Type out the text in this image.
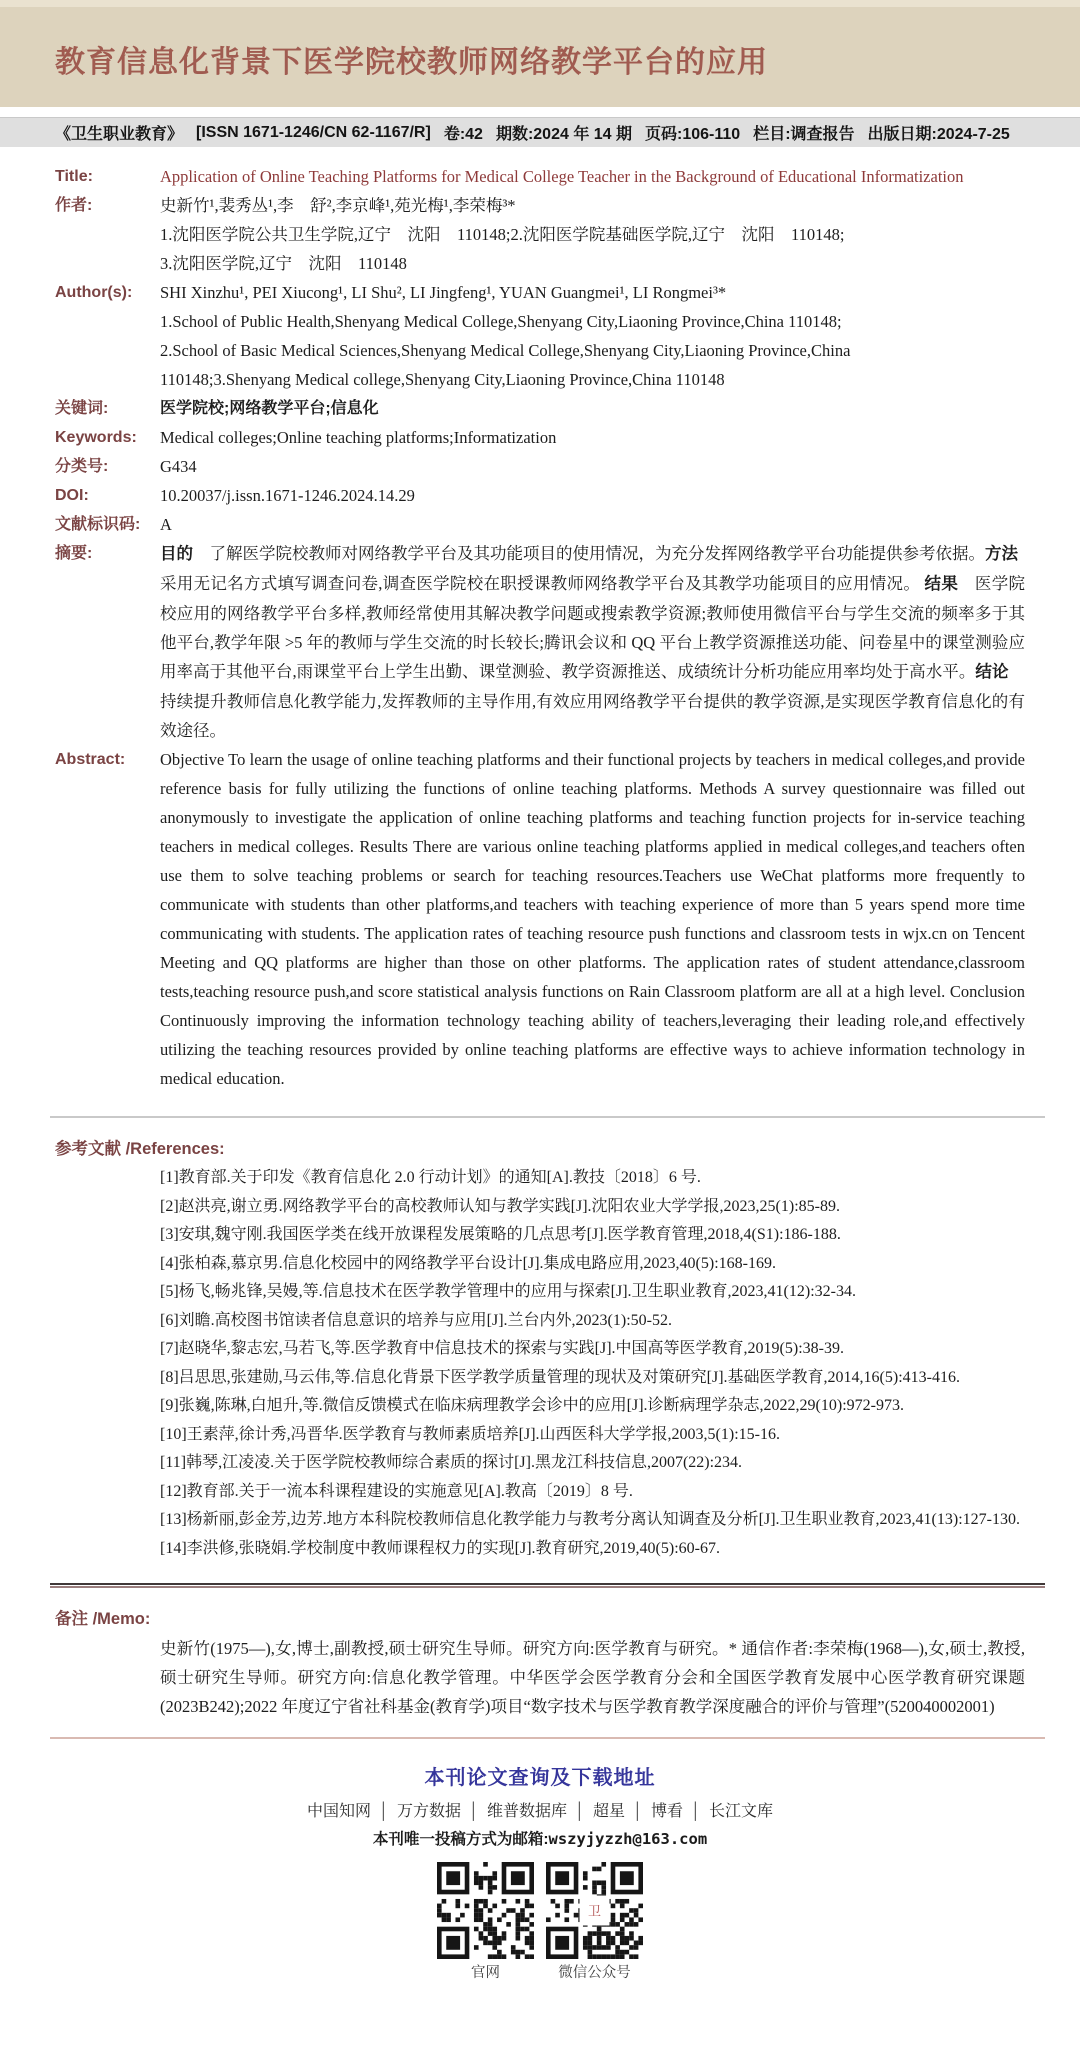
教育信息化背景下医学院校教师网络教学平台的应用
《卫生职业教育》 [ISSN 1671-1246/CN 62-1167/R] 卷:42 期数:2024 年 14 期 页码:106-110 栏目:调查报告 出版日期:2024-7-25
Title:	Application of Online Teaching Platforms for Medical College Teacher in the Background of Educational Informatization
作者:	史新竹¹,裴秀丛¹,李　舒²,李京峰¹,苑光梅¹,李荣梅³*
1.沈阳医学院公共卫生学院,辽宁　沈阳　110148;2.沈阳医学院基础医学院,辽宁　沈阳　110148;
3.沈阳医学院,辽宁　沈阳　110148
Author(s):	SHI Xinzhu¹, PEI Xiucong¹, LI Shu², LI Jingfeng¹, YUAN Guangmei¹, LI Rongmei³*
1.School of Public Health,Shenyang Medical College,Shenyang City,Liaoning Province,China 110148;
2.School of Basic Medical Sciences,Shenyang Medical College,Shenyang City,Liaoning Province,China
110148;3.Shenyang Medical college,Shenyang City,Liaoning Province,China 110148
关键词:	医学院校;网络教学平台;信息化
Keywords:	Medical colleges;Online teaching platforms;Informatization
分类号:	G434
DOI:	10.20037/j.issn.1671-1246.2024.14.29
文献标识码:	A
摘要:	目的　了解医学院校教师对网络教学平台及其功能项目的使用情况，为充分发挥网络教学平台功能提供参考依据。方法　采用无记名方式填写调查问卷,调查医学院校在职授课教师网络教学平台及其教学功能项目的应用情况。 结果　医学院校应用的网络教学平台多样,教师经常使用其解决教学问题或搜索教学资源;教师使用微信平台与学生交流的频率多于其他平台,教学年限 >5 年的教师与学生交流的时长较长;腾讯会议和 QQ 平台上教学资源推送功能、问卷星中的课堂测验应用率高于其他平台,雨课堂平台上学生出勤、课堂测验、教学资源推送、成绩统计分析功能应用率均处于高水平。结论　持续提升教师信息化教学能力,发挥教师的主导作用,有效应用网络教学平台提供的教学资源,是实现医学教育信息化的有效途径。
Abstract:	Objective To learn the usage of online teaching platforms and their functional projects by teachers in medical colleges,and provide reference basis for fully utilizing the functions of online teaching platforms. Methods A survey questionnaire was filled out anonymously to investigate the application of online teaching platforms and teaching function projects for in-service teaching teachers in medical colleges. Results There are various online teaching platforms applied in medical colleges,and teachers often use them to solve teaching problems or search for teaching resources.Teachers use WeChat platforms more frequently to communicate with students than other platforms,and teachers with teaching experience of more than 5 years spend more time communicating with students. The application rates of teaching resource push functions and classroom tests in wjx.cn on Tencent Meeting and QQ platforms are higher than those on other platforms. The application rates of student attendance,classroom tests,teaching resource push,and score statistical analysis functions on Rain Classroom platform are all at a high level. Conclusion Continuously improving the information technology teaching ability of teachers,leveraging their leading role,and effectively utilizing the teaching resources provided by online teaching platforms are effective ways to achieve information technology in medical education.
参考文献 /References:
[1]教育部.关于印发《教育信息化 2.0 行动计划》的通知[A].教技〔2018〕6 号.
[2]赵洪亮,谢立勇.网络教学平台的高校教师认知与教学实践[J].沈阳农业大学学报,2023,25(1):85-89.
[3]安琪,魏守刚.我国医学类在线开放课程发展策略的几点思考[J].医学教育管理,2018,4(S1):186-188.
[4]张柏森,慕京男.信息化校园中的网络教学平台设计[J].集成电路应用,2023,40(5):168-169.
[5]杨飞,畅兆锋,吴嫚,等.信息技术在医学教学管理中的应用与探索[J].卫生职业教育,2023,41(12):32-34.
[6]刘瞻.高校图书馆读者信息意识的培养与应用[J].兰台内外,2023(1):50-52.
[7]赵晓华,黎志宏,马若飞,等.医学教育中信息技术的探索与实践[J].中国高等医学教育,2019(5):38-39.
[8]吕思思,张建勋,马云伟,等.信息化背景下医学教学质量管理的现状及对策研究[J].基础医学教育,2014,16(5):413-416.
[9]张巍,陈琳,白旭升,等.微信反馈模式在临床病理教学会诊中的应用[J].诊断病理学杂志,2022,29(10):972-973.
[10]王素萍,徐计秀,冯晋华.医学教育与教师素质培养[J].山西医科大学学报,2003,5(1):15-16.
[11]韩琴,江凌凌.关于医学院校教师综合素质的探讨[J].黑龙江科技信息,2007(22):234.
[12]教育部.关于一流本科课程建设的实施意见[A].教高〔2019〕8 号.
[13]杨新丽,彭金芳,边芳.地方本科院校教师信息化教学能力与教考分离认知调查及分析[J].卫生职业教育,2023,41(13):127-130.
[14]李洪修,张晓娟.学校制度中教师课程权力的实现[J].教育研究,2019,40(5):60-67.
备注 /Memo:
史新竹(1975—),女,博士,副教授,硕士研究生导师。研究方向:医学教育与研究。* 通信作者:李荣梅(1968—),女,硕士,教授,硕士研究生导师。研究方向:信息化教学管理。中华医学会医学教育分会和全国医学教育发展中心医学教育研究课题(2023B242);2022 年度辽宁省社科基金(教育学)项目“数字技术与医学教育教学深度融合的评价与管理”(520040002001)
本刊论文查询及下载地址
中国知网 │ 万方数据 │ 维普数据库 │ 超星 │ 博看 │ 长江文库
本刊唯一投稿方式为邮箱:wszyjyzzh@163.com
官网
卫
微信公众号
